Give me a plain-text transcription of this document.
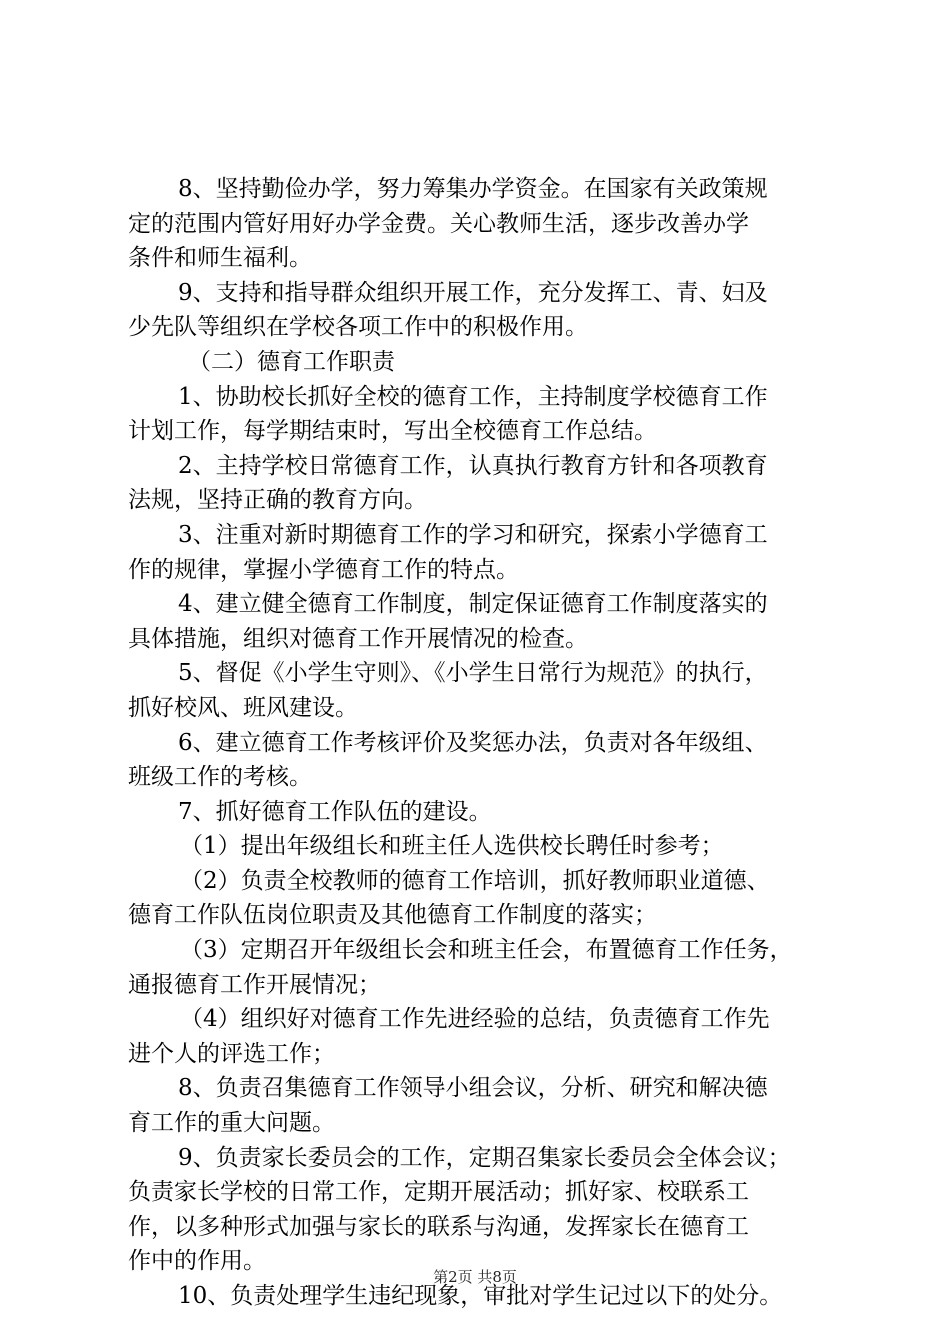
8、坚持勤俭办学，努力筹集办学资金。在国家有关政策规
定的范围内管好用好办学金费。关心教师生活，逐步改善办学
条件和师生福利。
9、支持和指导群众组织开展工作，充分发挥工、青、妇及
少先队等组织在学校各项工作中的积极作用。
（二）德育工作职责
1、协助校长抓好全校的德育工作，主持制度学校德育工作
计划工作，每学期结束时，写出全校德育工作总结。
2、主持学校日常德育工作，认真执行教育方针和各项教育
法规，坚持正确的教育方向。
3、注重对新时期德育工作的学习和研究，探索小学德育工
作的规律，掌握小学德育工作的特点。
4、建立健全德育工作制度，制定保证德育工作制度落实的
具体措施，组织对德育工作开展情况的检查。
5、督促《小学生守则》、《小学生日常行为规范》的执行，
抓好校风、班风建设。
6、建立德育工作考核评价及奖惩办法，负责对各年级组、
班级工作的考核。
7、抓好德育工作队伍的建设。
（1）提出年级组长和班主任人选供校长聘任时参考；
（2）负责全校教师的德育工作培训，抓好教师职业道德、
德育工作队伍岗位职责及其他德育工作制度的落实；
（3）定期召开年级组长会和班主任会，布置德育工作任务，
通报德育工作开展情况；
（4）组织好对德育工作先进经验的总结，负责德育工作先
进个人的评选工作；
8、负责召集德育工作领导小组会议，分析、研究和解决德
育工作的重大问题。
9、负责家长委员会的工作，定期召集家长委员会全体会议；
负责家长学校的日常工作，定期开展活动；抓好家、校联系工
作，以多种形式加强与家长的联系与沟通，发挥家长在德育工
作中的作用。
10、负责处理学生违纪现象，审批对学生记过以下的处分。
第2页 共8页
